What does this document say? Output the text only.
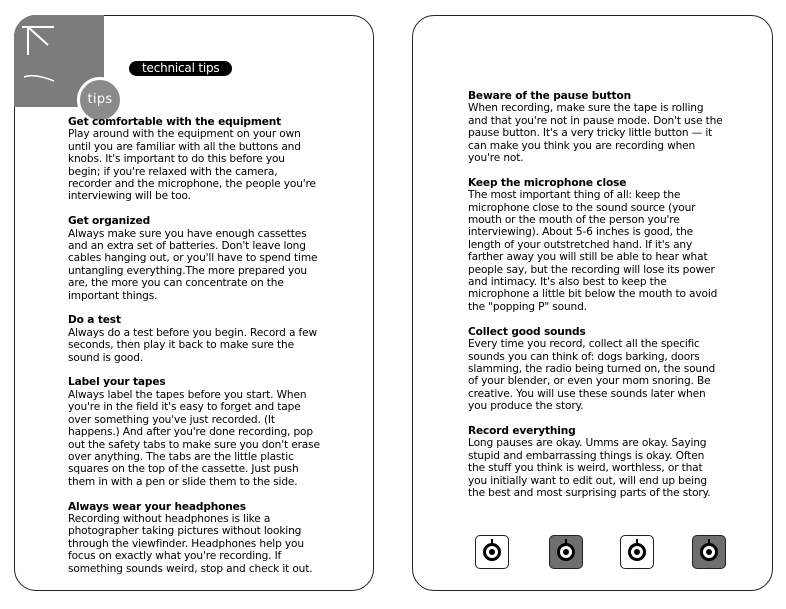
tips
technical tips
Get comfortable with the equipment

Play around with the equipment on your own until you are familiar with all the buttons and knobs. It's important to do this before you begin; if you're relaxed with the camera, recorder and the microphone, the people you're interviewing will be too.

Get organized

Always make sure you have enough cassettes and an extra set of batteries. Don't leave long cables hanging out, or you'll have to spend time untangling everything.The more prepared you are, the more you can concentrate on the important things.

Do a test

Always do a test before you begin. Record a few seconds, then play it back to make sure the sound is good.

Label your tapes

Always label the tapes before you start. When you're in the field it's easy to forget and tape over something you've just recorded. (It happens.) And after you're done recording, pop out the safety tabs to make sure you don't erase over anything. The tabs are the little plastic squares on the top of the cassette. Just push them in with a pen or slide them to the side.

Always wear your headphones

Recording without headphones is like a photographer taking pictures without looking through the viewfinder. Headphones help you focus on exactly what you're recording. If something sounds weird, stop and check it out.

Beware of the pause button

When recording, make sure the tape is rolling and that you're not in pause mode. Don't use the pause button. It's a very tricky little button — it can make you think you are recording when you're not.

Keep the microphone close

The most important thing of all: keep the microphone close to the sound source (your mouth or the mouth of the person you're interviewing). About 5-6 inches is good, the length of your outstretched hand. If it's any farther away you will still be able to hear what people say, but the recording will lose its power and intimacy. It's also best to keep the microphone a little bit below the mouth to avoid the "popping P" sound.

Collect good sounds

Every time you record, collect all the specific sounds you can think of: dogs barking, doors slamming, the radio being turned on, the sound of your blender, or even your mom snoring. Be creative. You will use these sounds later when you produce the story.

Record everything

Long pauses are okay. Umms are okay. Saying stupid and embarrassing things is okay. Often the stuff you think is weird, worthless, or that you initially want to edit out, will end up being the best and most surprising parts of the story.
